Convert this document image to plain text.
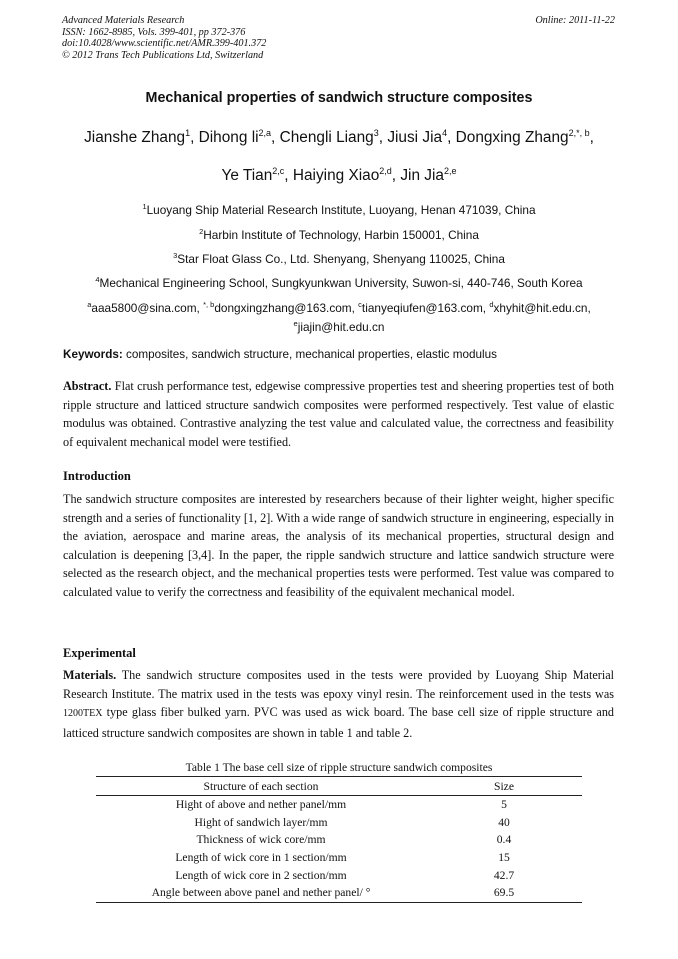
Advanced Materials Research
ISSN: 1662-8985, Vols. 399-401, pp 372-376
doi:10.4028/www.scientific.net/AMR.399-401.372
© 2012 Trans Tech Publications Ltd, Switzerland
Online: 2011-11-22
Mechanical properties of sandwich structure composites
Jianshe Zhang$^1$, Dihong li$^{2,a}$, Chengli Liang$^3$, Jiusi Jia$^4$, Dongxing Zhang$^{2,*, b}$,
Ye Tian$^{2,c}$, Haiying Xiao$^{2,d}$, Jin Jia$^{2,e}$
$^1$Luoyang Ship Material Research Institute, Luoyang, Henan 471039, China
$^2$Harbin Institute of Technology, Harbin 150001, China
$^3$Star Float Glass Co., Ltd. Shenyang, Shenyang 110025, China
$^4$Mechanical Engineering School, Sungkyunkwan University, Suwon-si, 440-746, South Korea
$^a$aaa5800@sina.com, $^{*, b}$dongxingzhang@163.com, $^c$tianyeqiufen@163.com, $^d$xhyhit@hit.edu.cn,
$^e$jiajin@hit.edu.cn
Keywords: composites, sandwich structure, mechanical properties, elastic modulus
Abstract. Flat crush performance test, edgewise compressive properties test and sheering properties test of both ripple structure and latticed structure sandwich composites were performed respectively. Test value of elastic modulus was obtained. Contrastive analyzing the test value and calculated value, the correctness and feasibility of equivalent mechanical model were testified.
Introduction
The sandwich structure composites are interested by researchers because of their lighter weight, higher specific strength and a series of functionality [1, 2]. With a wide range of sandwich structure in engineering, especially in the aviation, aerospace and marine areas, the analysis of its mechanical properties, structural design and calculation is deepening [3,4]. In the paper, the ripple sandwich structure and lattice sandwich structure were selected as the research object, and the mechanical properties tests were performed. Test value was compared to calculated value to verify the correctness and feasibility of the equivalent mechanical model.
Experimental
Materials. The sandwich structure composites used in the tests were provided by Luoyang Ship Material Research Institute. The matrix used in the tests was epoxy vinyl resin. The reinforcement used in the tests was 1200TEX type glass fiber bulked yarn. PVC was used as wick board. The base cell size of ripple structure and latticed structure sandwich composites are shown in table 1 and table 2.
Table 1 The base cell size of ripple structure sandwich composites
Structure of each section	Size
Hight of above and nether panel/mm	5
Hight of sandwich layer/mm	40
Thickness of wick core/mm	0.4
Length of wick core in 1 section/mm	15
Length of wick core in 2 section/mm	42.7
Angle between above panel and nether panel/ °	69.5
